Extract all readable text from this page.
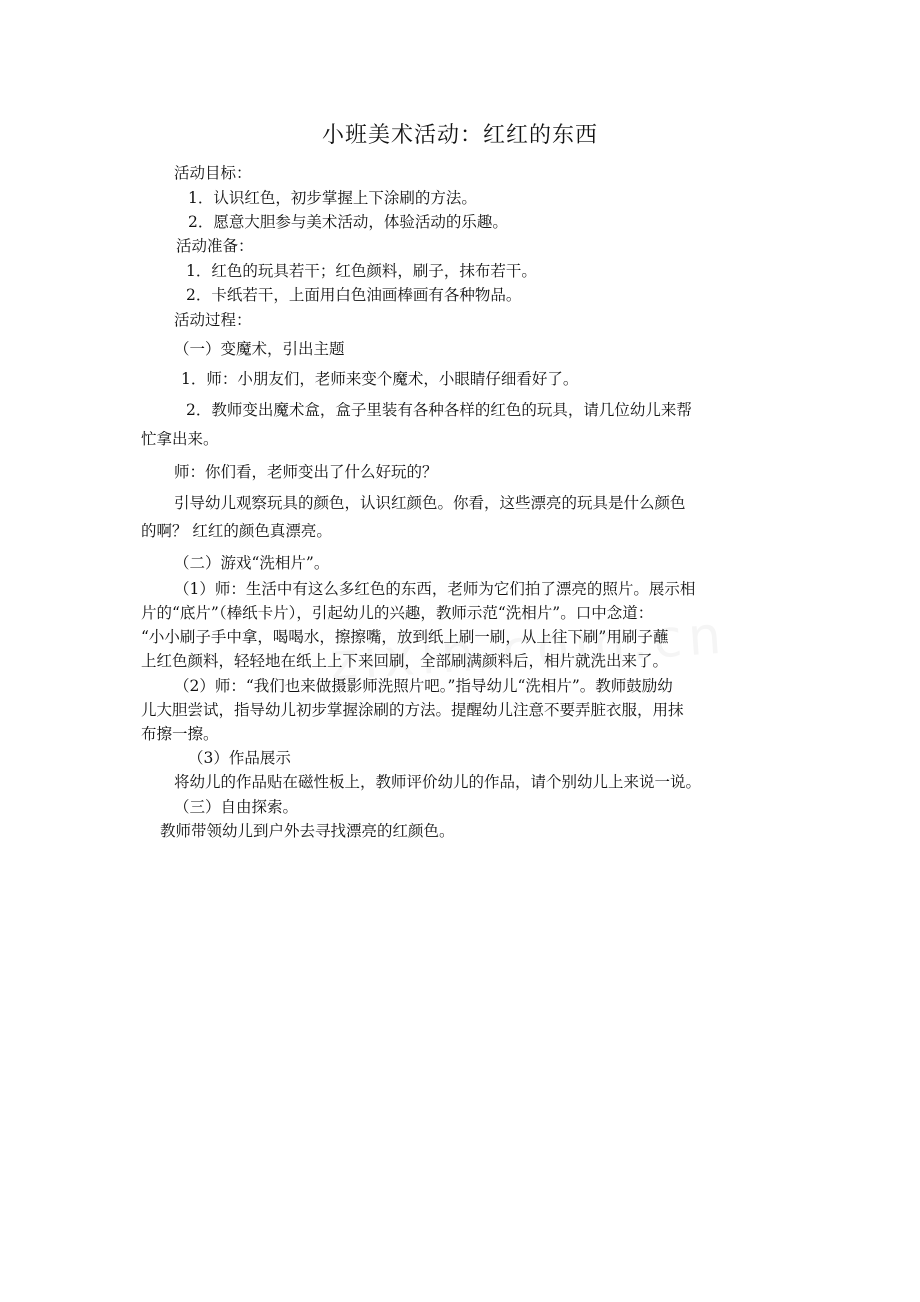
小班美术活动：红红的东西

活动目标：

1．认识红色，初步掌握上下涂刷的方法。

2．愿意大胆参与美术活动，体验活动的乐趣。

活动准备：

1．红色的玩具若干；红色颜料，刷子，抹布若干。

2．卡纸若干，上面用白色油画棒画有各种物品。

活动过程：

（一）变魔术，引出主题

1．师：小朋友们，老师来变个魔术，小眼睛仔细看好了。

2．教师变出魔术盒，盒子里装有各种各样的红色的玩具，请几位幼儿来帮

忙拿出来。

师：你们看，老师变出了什么好玩的？

引导幼儿观察玩具的颜色，认识红颜色。你看，这些漂亮的玩具是什么颜色

的啊？ 红红的颜色真漂亮。

（二）游戏“洗相片”。

（1）师：生活中有这么多红色的东西，老师为它们拍了漂亮的照片。展示相

片的“底片”（棒纸卡片），引起幼儿的兴趣，教师示范“洗相片”。口中念道：

“小小刷子手中拿，喝喝水，擦擦嘴，放到纸上刷一刷，从上往下刷”用刷子蘸

上红色颜料，轻轻地在纸上上下来回刷，全部刷满颜料后，相片就洗出来了。

（2）师：“我们也来做摄影师洗照片吧。”指导幼儿“洗相片”。教师鼓励幼

儿大胆尝试，指导幼儿初步掌握涂刷的方法。提醒幼儿注意不要弄脏衣服，用抹

布擦一擦。

（3）作品展示

将幼儿的作品贴在磁性板上，教师评价幼儿的作品，请个别幼儿上来说一说。

（三）自由探索。

教师带领幼儿到户外去寻找漂亮的红颜色。
